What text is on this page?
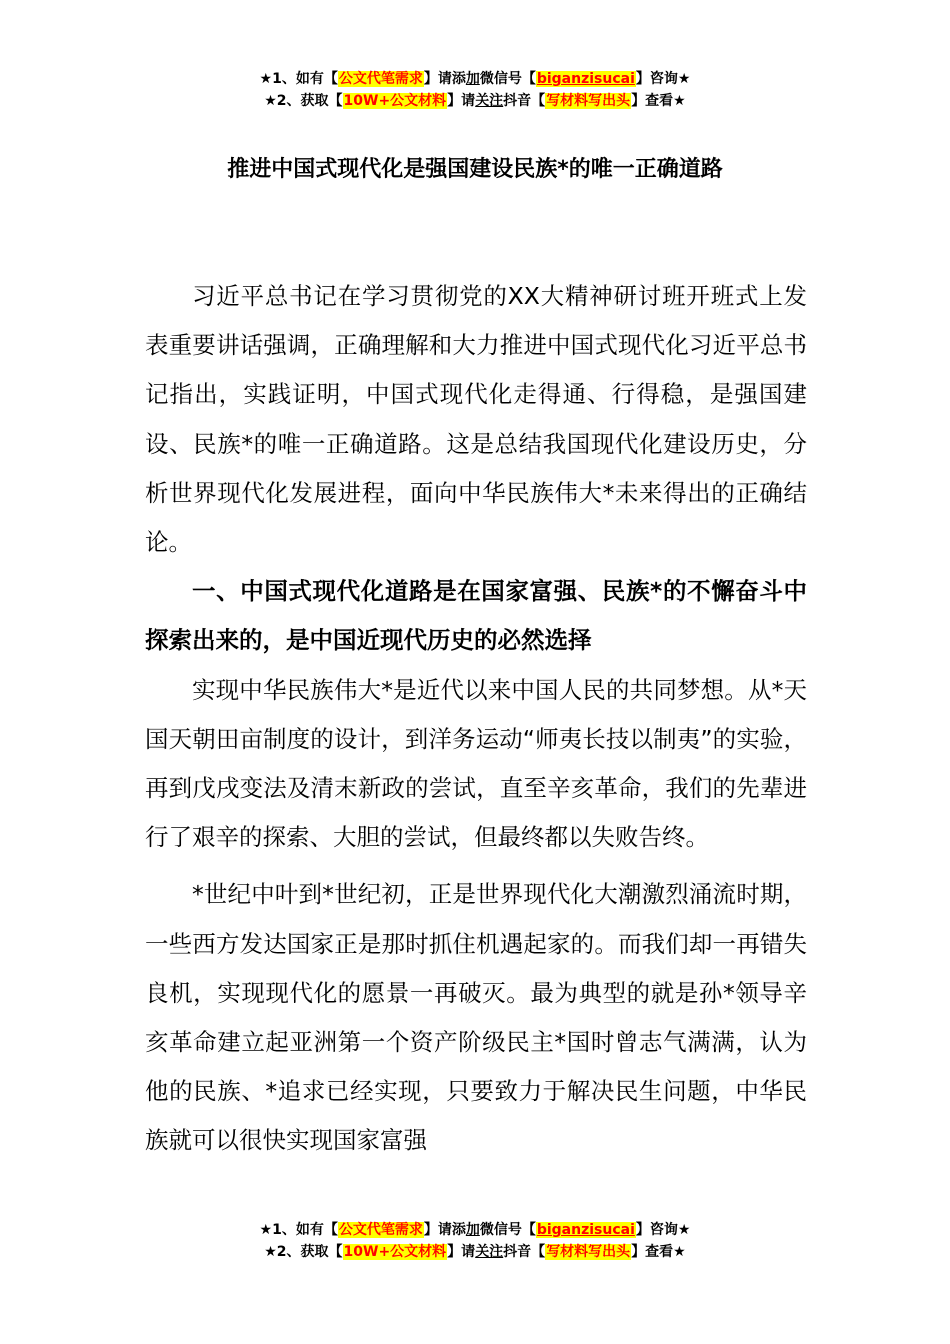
★1、如有【公文代笔需求】请添加微信号【biganzisucai】咨询★
★2、获取【10W+公文材料】请关注抖音【写材料写出头】查看★
推进中国式现代化是强国建设民族*的唯一正确道路

习近平总书记在学习贯彻党的XX大精神研讨班开班式上发表重要讲话强调，正确理解和大力推进中国式现代化习近平总书记指出，实践证明，中国式现代化走得通、行得稳，是强国建设、民族*的唯一正确道路。这是总结我国现代化建设历史，分析世界现代化发展进程，面向中华民族伟大*未来得出的正确结论。

一、中国式现代化道路是在国家富强、民族*的不懈奋斗中探索出来的，是中国近现代历史的必然选择

实现中华民族伟大*是近代以来中国人民的共同梦想。从*天国天朝田亩制度的设计，到洋务运动“师夷长技以制夷”的实验，再到戊戌变法及清末新政的尝试，直至辛亥革命，我们的先辈进行了艰辛的探索、大胆的尝试，但最终都以失败告终。

*世纪中叶到*世纪初，正是世界现代化大潮激烈涌流时期，一些西方发达国家正是那时抓住机遇起家的。而我们却一再错失良机，实现现代化的愿景一再破灭。最为典型的就是孙*领导辛亥革命建立起亚洲第一个资产阶级民主*国时曾志气满满，认为他的民族、*追求已经实现，只要致力于解决民生问题，中华民族就可以很快实现国家富强

★1、如有【公文代笔需求】请添加微信号【biganzisucai】咨询★
★2、获取【10W+公文材料】请关注抖音【写材料写出头】查看★
